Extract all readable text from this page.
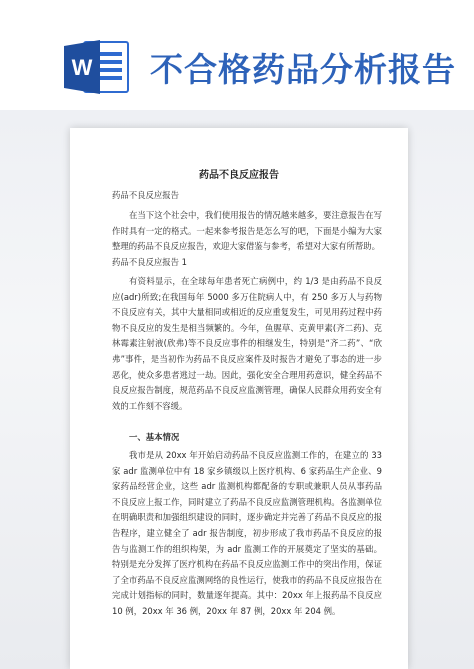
W 不合格药品分析报告
药品不良反应报告
药品不良反应报告
在当下这个社会中，我们使用报告的情况越来越多，要注意报告在写作时具有一定的格式。一起来参考报告是怎么写的吧，下面是小编为大家整理的药品不良反应报告，欢迎大家借鉴与参考，希望对大家有所帮助。
药品不良反应报告 1
有资料显示，在全球每年患者死亡病例中，约 1/3 是由药品不良反应(adr)所致;在我国每年 5000 多万住院病人中，有 250 多万人与药物不良反应有关，其中大量相同或相近的反应重复发生，可见用药过程中药物不良反应的发生是相当频繁的。今年，鱼腥草、克黄甲素(齐二药)、克林霉素注射液(欣弗)等不良反应事件的相继发生，特别是“齐二药”、“欣弗”事件，是当初作为药品不良反应案件及时报告才避免了事态的进一步恶化，使众多患者逃过一劫。因此，强化安全合理用药意识，健全药品不良反应报告制度，规范药品不良反应监测管理，确保人民群众用药安全有效的工作刻不容缓。
一、基本情况
我市是从 20xx 年开始启动药品不良反应监测工作的，在建立的 33 家 adr 监测单位中有 18 家乡镇级以上医疗机构、6 家药品生产企业、9 家药品经营企业，这些 adr 监测机构都配备的专职或兼职人员从事药品不良反应上报工作，同时建立了药品不良反应监测管理机构。各监测单位在明确职责和加强组织建设的同时，逐步确定并完善了药品不良反应的报告程序，建立健全了 adr 报告制度，初步形成了我市药品不良反应的报告与监测工作的组织构架，为 adr 监测工作的开展奠定了坚实的基础。特别是充分发挥了医疗机构在药品不良反应监测工作中的突出作用，保证了全市药品不良反应监测网络的良性运行，使我市的药品不良反应报告在完成计划指标的同时，数量逐年提高。其中：20xx 年上报药品不良反应 10 例，20xx 年 36 例，20xx 年 87 例，20xx 年 204 例。
